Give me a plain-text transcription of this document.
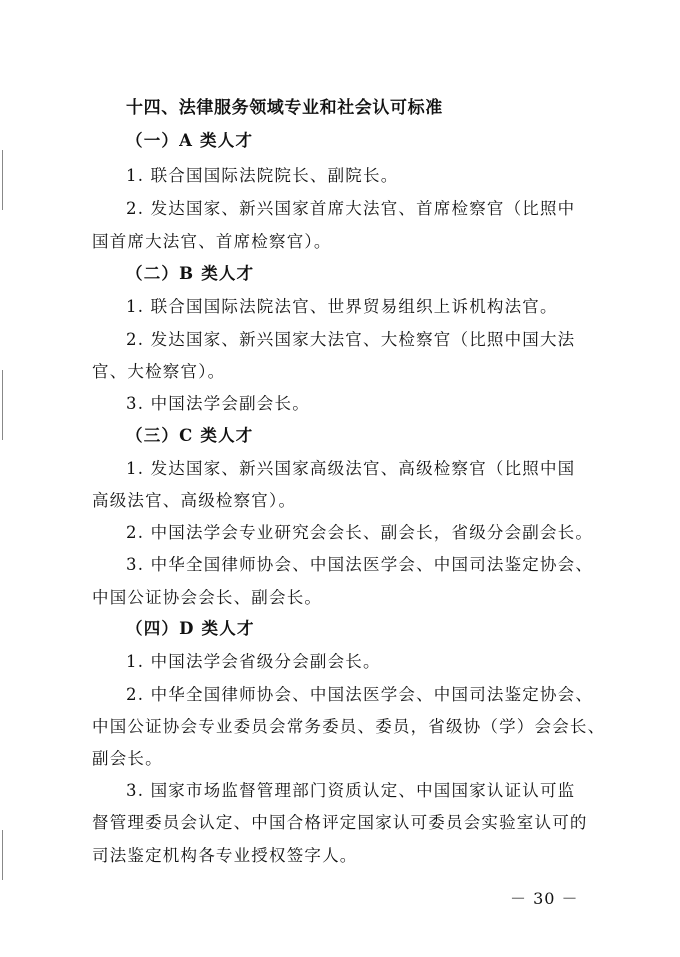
十四、法律服务领域专业和社会认可标准
（一）A 类人才
1. 联合国国际法院院长、副院长。
2. 发达国家、新兴国家首席大法官、首席检察官（比照中
国首席大法官、首席检察官）。
（二）B 类人才
1. 联合国国际法院法官、世界贸易组织上诉机构法官。
2. 发达国家、新兴国家大法官、大检察官（比照中国大法
官、大检察官）。
3. 中国法学会副会长。
（三）C 类人才
1. 发达国家、新兴国家高级法官、高级检察官（比照中国
高级法官、高级检察官）。
2. 中国法学会专业研究会会长、副会长，省级分会副会长。
3. 中华全国律师协会、中国法医学会、中国司法鉴定协会、
中国公证协会会长、副会长。
（四）D 类人才
1. 中国法学会省级分会副会长。
2. 中华全国律师协会、中国法医学会、中国司法鉴定协会、
中国公证协会专业委员会常务委员、委员，省级协（学）会会长、
副会长。
3. 国家市场监督管理部门资质认定、中国国家认证认可监
督管理委员会认定、中国合格评定国家认可委员会实验室认可的
司法鉴定机构各专业授权签字人。
－ 30 －
